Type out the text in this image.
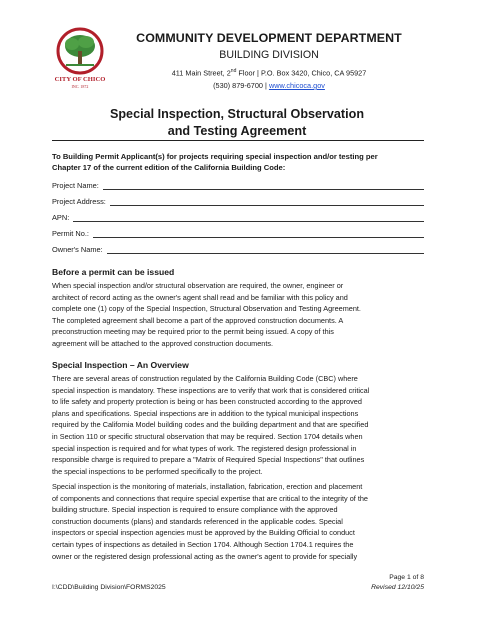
CITY OF CHICO
INC. 1872
COMMUNITY DEVELOPMENT DEPARTMENT
BUILDING DIVISION
411 Main Street, 2nd Floor | P.O. Box 3420, Chico, CA 95927
(530) 879-6700 | www.chicoca.gov
Special Inspection, Structural Observation
and Testing Agreement
To Building Permit Applicant(s) for projects requiring special inspection and/or testing per
Chapter 17 of the current edition of the California Building Code:
Project Name:
Project Address:
APN:
Permit No.:
Owner's Name:
Before a permit can be issued
When special inspection and/or structural observation are required, the owner, engineer or
architect of record acting as the owner's agent shall read and be familiar with this policy and
complete one (1) copy of the Special Inspection, Structural Observation and Testing Agreement.
The completed agreement shall become a part of the approved construction documents. A
preconstruction meeting may be required prior to the permit being issued. A copy of this
agreement will be attached to the approved construction documents.
Special Inspection – An Overview
There are several areas of construction regulated by the California Building Code (CBC) where
special inspection is mandatory. These inspections are to verify that work that is considered critical
to life safety and property protection is being or has been constructed according to the approved
plans and specifications. Special inspections are in addition to the typical municipal inspections
required by the California Model building codes and the building department and that are specified
in Section 110 or specific structural observation that may be required. Section 1704 details when
special inspection is required and for what types of work. The registered design professional in
responsible charge is required to prepare a "Matrix of Required Special Inspections" that outlines
the special inspections to be performed specifically to the project.
Special inspection is the monitoring of materials, installation, fabrication, erection and placement
of components and connections that require special expertise that are critical to the integrity of the
building structure. Special inspection is required to ensure compliance with the approved
construction documents (plans) and standards referenced in the applicable codes. Special
inspectors or special inspection agencies must be approved by the Building Official to conduct
certain types of inspections as detailed in Section 1704. Although Section 1704.1 requires the
owner or the registered design professional acting as the owner's agent to provide for specially
Page 1 of 8
I:\CDD\Building Division\FORMS2025	Revised 12/10/25
